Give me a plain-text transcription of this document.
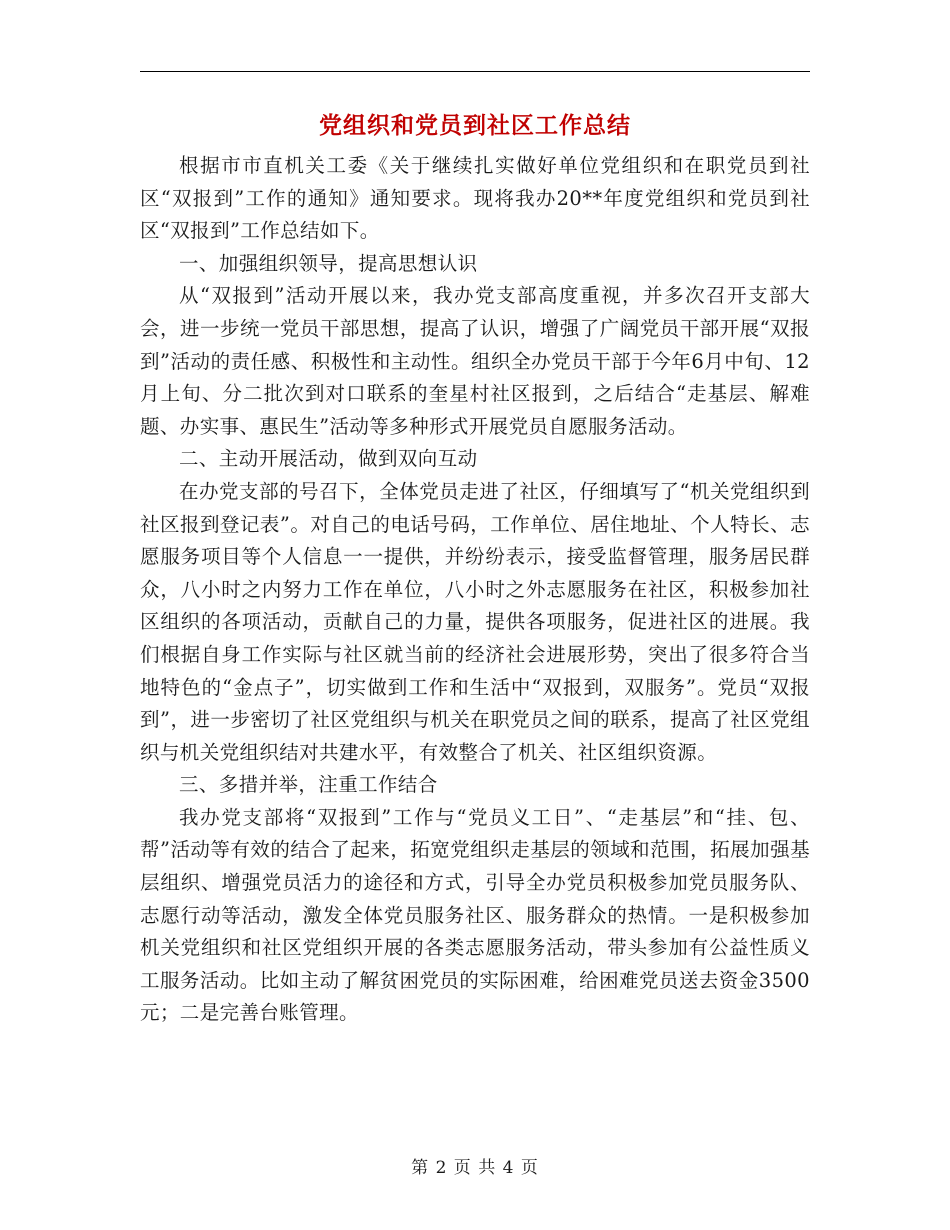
党组织和党员到社区工作总结

根据市市直机关工委《关于继续扎实做好单位党组织和在职党员到社区“双报到”工作的通知》通知要求。现将我办20**年度党组织和党员到社区“双报到”工作总结如下。

一、加强组织领导，提高思想认识

从“双报到”活动开展以来，我办党支部高度重视，并多次召开支部大会，进一步统一党员干部思想，提高了认识，增强了广阔党员干部开展“双报到”活动的责任感、积极性和主动性。组织全办党员干部于今年6月中旬、12月上旬、分二批次到对口联系的奎星村社区报到，之后结合“走基层、解难题、办实事、惠民生”活动等多种形式开展党员自愿服务活动。

二、主动开展活动，做到双向互动

在办党支部的号召下，全体党员走进了社区，仔细填写了“机关党组织到社区报到登记表”。对自己的电话号码，工作单位、居住地址、个人特长、志愿服务项目等个人信息一一提供，并纷纷表示，接受监督管理，服务居民群众，八小时之内努力工作在单位，八小时之外志愿服务在社区，积极参加社区组织的各项活动，贡献自己的力量，提供各项服务，促进社区的进展。我们根据自身工作实际与社区就当前的经济社会进展形势，突出了很多符合当地特色的“金点子”，切实做到工作和生活中“双报到，双服务”。党员“双报到”，进一步密切了社区党组织与机关在职党员之间的联系，提高了社区党组织与机关党组织结对共建水平，有效整合了机关、社区组织资源。

三、多措并举，注重工作结合

我办党支部将“双报到”工作与“党员义工日”、“走基层”和“挂、包、帮”活动等有效的结合了起来，拓宽党组织走基层的领域和范围，拓展加强基层组织、增强党员活力的途径和方式，引导全办党员积极参加党员服务队、志愿行动等活动，激发全体党员服务社区、服务群众的热情。一是积极参加机关党组织和社区党组织开展的各类志愿服务活动，带头参加有公益性质义工服务活动。比如主动了解贫困党员的实际困难，给困难党员送去资金3500元；二是完善台账管理。

第 2 页 共 4 页
